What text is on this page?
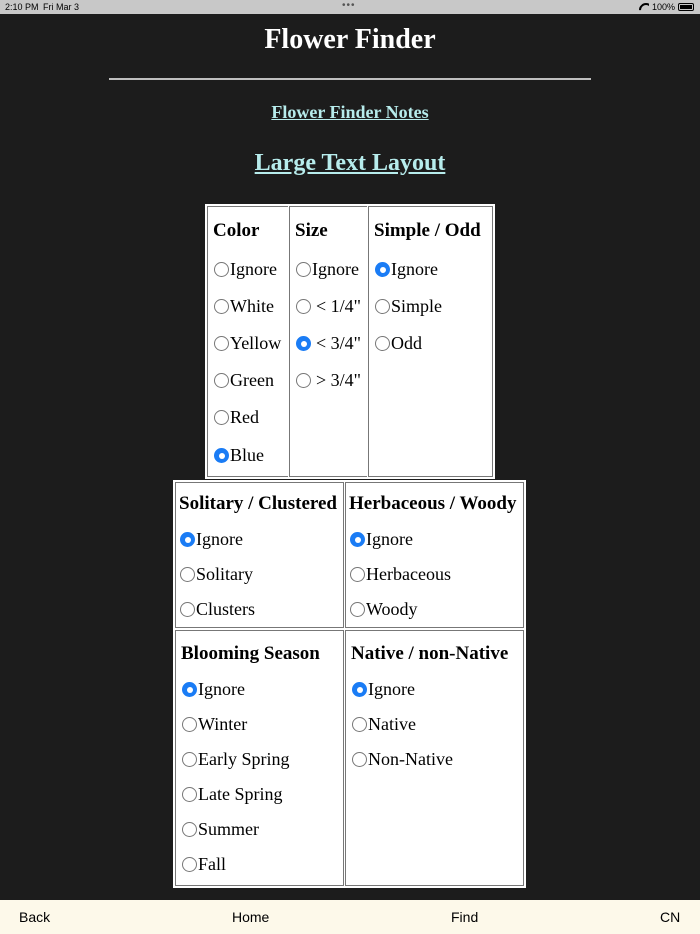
2:10 PM Fri Mar 3	•••	100%
Flower Finder
Flower Finder Notes
Large Text Layout
Color
Ignore
White
Yellow
Green
Red
Blue
Size
Ignore
< 1/4"
< 3/4"
> 3/4"
Simple / Odd
Ignore
Simple
Odd
Solitary / Clustered
Ignore
Solitary
Clusters
Herbaceous / Woody
Ignore
Herbaceous
Woody
Blooming Season
Ignore
Winter
Early Spring
Late Spring
Summer
Fall
Native / non-Native
Ignore
Native
Non-Native
Back	Home	Find	CN
